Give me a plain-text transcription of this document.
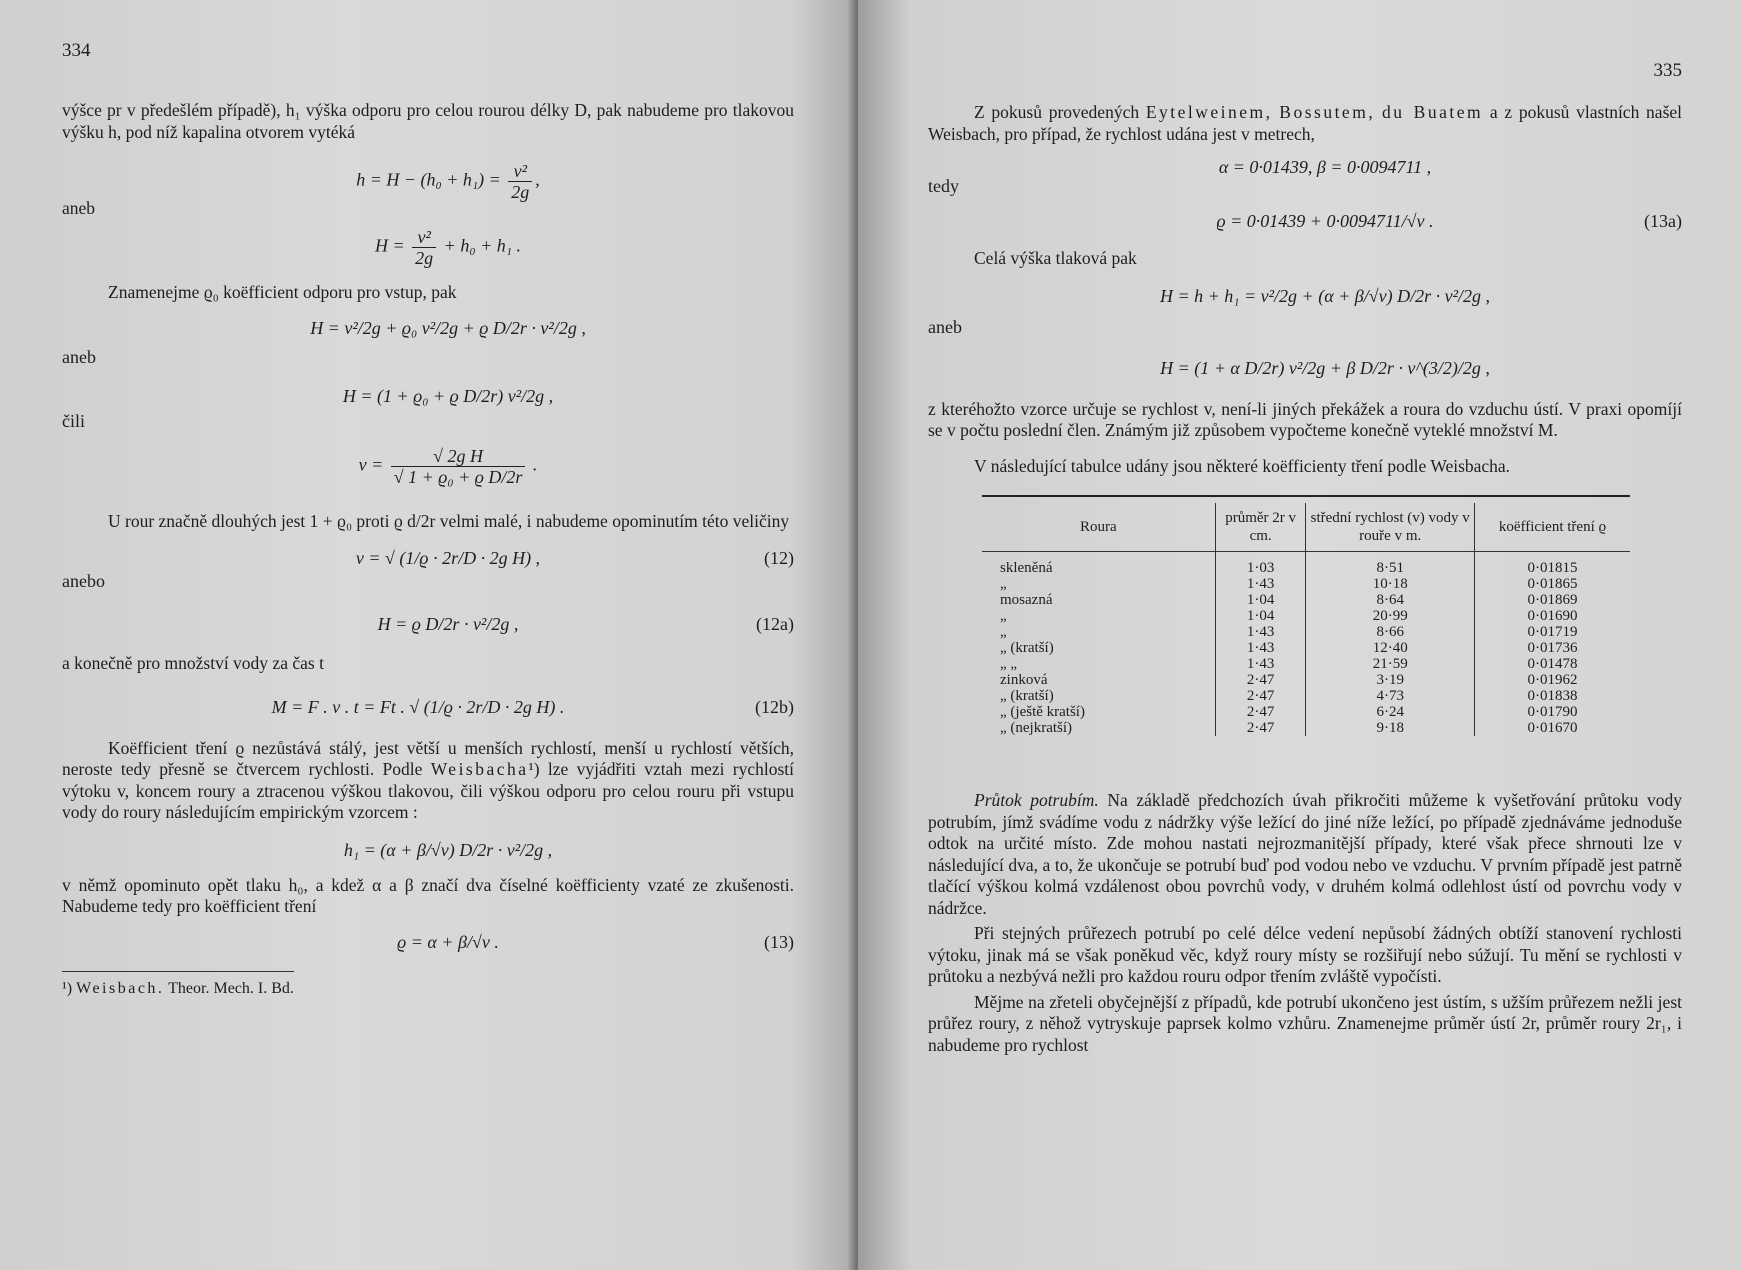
334

výšce pr v předešlém případě), h₁ výška odporu pro celou rourou délky D, pak nabudeme pro tlakovou výšku h, pod níž kapalina otvorem vytéká

$h = H - (h_0 + h_1) = \frac{\text{v²}}{2g}$ ,
aneb
$H = \frac{\text{v²}}{2g} + h_0 + h_1$ .

Znamenejme ϱ₀ koëfficient odporu pro vstup, pak

H = v²/2g + ϱ₀ v²/2g + ϱ D/2r · v²/2g ,
aneb
H = (1 + ϱ₀ + ϱ D/2r) v²/2g ,
čili
$v = \frac{\text{√ 2g H}}{\text{√ 1 + ϱ₀ + ϱ D/2r}}$ .

U rour značně dlouhých jest 1 + ϱ₀ proti ϱ d/2r velmi malé, i nabudeme opominutím této veličiny

v = √ (1/ϱ · 2r/D · 2g H) ,	(12)
anebo
H = ϱ D/2r · v²/2g ,	(12a)

a konečně pro množství vody za čas t

M = F . v . t = Ft . √ (1/ϱ · 2r/D · 2g H) .	(12b)

Koëfficient tření ϱ nezůstává stálý, jest větší u menších rychlostí, menší u rychlostí větších, neroste tedy přesně se čtvercem rychlosti. Podle Weisbacha¹) lze vyjádřiti vztah mezi rychlostí výtoku v, koncem roury a ztracenou výškou tlakovou, čili výškou odporu pro celou rouru při vstupu vody do roury následujícím empirickým vzorcem :

h₁ = (α + β/√v) D/2r · v²/2g ,

v němž opominuto opět tlaku h₀, a kdež α a β značí dva číselné koëfficienty vzaté ze zkušenosti. Nabudeme tedy pro koëfficient tření

ϱ = α + β/√v .	(13)
¹) Weisbach. Theor. Mech. I. Bd.
335

Z pokusů provedených Eytelweinem, Bossutem, du Buatem a z pokusů vlastních našel Weisbach, pro případ, že rychlost udána jest v metrech,

α = 0·01439, β = 0·0094711 ,
tedy
ϱ = 0·01439 + 0·0094711/√v .	(13a)

Celá výška tlaková pak

H = h + h₁ = v²/2g + (α + β/√v) D/2r · v²/2g ,
aneb
H = (1 + α D/2r) v²/2g + β D/2r · v^(3/2)/2g ,

z kteréhožto vzorce určuje se rychlost v, není-li jiných překážek a roura do vzduchu ústí. V praxi opomíjí se v počtu poslední člen. Známým již způsobem vypočteme konečně vyteklé množství M.

V následující tabulce udány jsou některé koëfficienty tření podle Weisbacha.

Roura	průměr 2r v cm.	střední rychlost (v) vody v rouře v m.	koëfficient tření ϱ
skleněná	1·03	8·51	0·01815
„	1·43	10·18	0·01865
mosazná	1·04	8·64	0·01869
„	1·04	20·99	0·01690
„	1·43	8·66	0·01719
„ (kratší)	1·43	12·40	0·01736
„ „	1·43	21·59	0·01478
zinková	2·47	3·19	0·01962
„ (kratší)	2·47	4·73	0·01838
„ (ještě kratší)	2·47	6·24	0·01790
„ (nejkratší)	2·47	9·18	0·01670

Průtok potrubím. Na základě předchozích úvah přikročiti můžeme k vyšetřování průtoku vody potrubím, jímž svádíme vodu z nádržky výše ležící do jiné níže ležící, po případě zjednáváme jednoduše odtok na určité místo. Zde mohou nastati nejrozmanitější případy, které však přece shrnouti lze v následující dva, a to, že ukončuje se potrubí buď pod vodou nebo ve vzduchu. V prvním případě jest patrně tlačící výškou kolmá vzdálenost obou povrchů vody, v druhém kolmá odlehlost ústí od povrchu vody v nádržce.

Při stejných průřezech potrubí po celé délce vedení nepůsobí žádných obtíží stanovení rychlosti výtoku, jinak má se však poněkud věc, když roury místy se rozšiřují nebo súžují. Tu mění se rychlosti v průtoku a nezbývá nežli pro každou rouru odpor třením zvláště vypočísti.

Mějme na zřeteli obyčejnější z případů, kde potrubí ukončeno jest ústím, s užším průřezem nežli jest průřez roury, z něhož vytryskuje paprsek kolmo vzhůru. Znamenejme průměr ústí 2r, průměr roury 2r₁, i nabudeme pro rychlost
